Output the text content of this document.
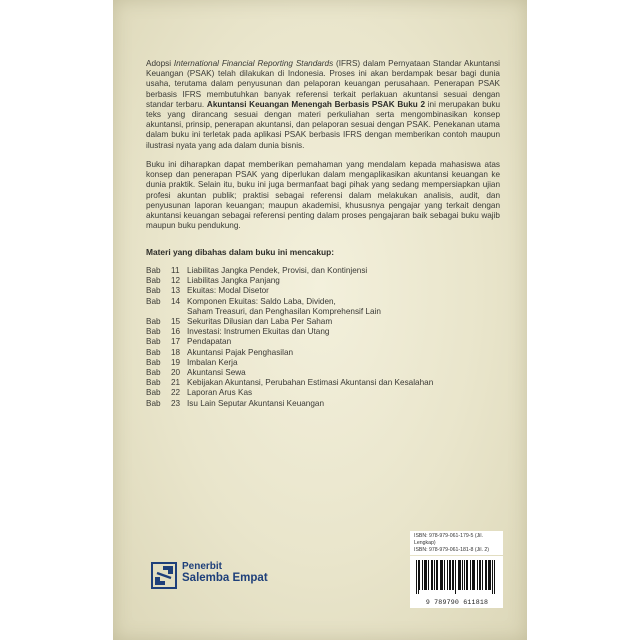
Adopsi International Financial Reporting Standards (IFRS) dalam Pernyataan Standar Akuntansi Keuangan (PSAK) telah dilakukan di Indonesia. Proses ini akan berdampak besar bagi dunia usaha, terutama dalam penyusunan dan pelaporan keuangan perusahaan. Penerapan PSAK berbasis IFRS membutuhkan banyak referensi terkait perlakuan akuntansi sesuai dengan standar terbaru. Akuntansi Keuangan Menengah Berbasis PSAK Buku 2 ini merupakan buku teks yang dirancang sesuai dengan materi perkuliahan serta mengombinasikan konsep akuntansi, prinsip, penerapan akuntansi, dan pelaporan sesuai dengan PSAK. Penekanan utama dalam buku ini terletak pada aplikasi PSAK berbasis IFRS dengan memberikan contoh maupun ilustrasi nyata yang ada dalam dunia bisnis.
Buku ini diharapkan dapat memberikan pemahaman yang mendalam kepada mahasiswa atas konsep dan penerapan PSAK yang diperlukan dalam mengaplikasikan akuntansi keuangan ke dunia praktik. Selain itu, buku ini juga bermanfaat bagi pihak yang sedang mempersiapkan ujian profesi akuntan publik; praktisi sebagai referensi dalam melakukan analisis, audit, dan penyusunan laporan keuangan; maupun akademisi, khususnya pengajar yang terkait dengan akuntansi keuangan sebagai referensi penting dalam proses pengajaran baik sebagai buku wajib maupun buku pendukung.
Materi yang dibahas dalam buku ini mencakup:
Bab	11 Liabilitas Jangka Pendek, Provisi, dan Kontinjensi
Bab	12 Liabilitas Jangka Panjang
Bab	13 Ekuitas: Modal Disetor
Bab	14 Komponen Ekuitas: Saldo Laba, Dividen,
Saham Treasuri, dan Penghasilan Komprehensif Lain
Bab	15 Sekuritas Dilusian dan Laba Per Saham
Bab	16 Investasi: Instrumen Ekuitas dan Utang
Bab	17 Pendapatan
Bab	18 Akuntansi Pajak Penghasilan
Bab	19 Imbalan Kerja
Bab	20 Akuntansi Sewa
Bab	21 Kebijakan Akuntansi, Perubahan Estimasi Akuntansi dan Kesalahan
Bab	22 Laporan Arus Kas
Bab	23 Isu Lain Seputar Akuntansi Keuangan
ISBN: 978-979-061-179-5 (Jil. Lengkap)
ISBN: 978-979-061-181-8 (Jil. 2)
9 789790 611818
Penerbit
Salemba Empat
